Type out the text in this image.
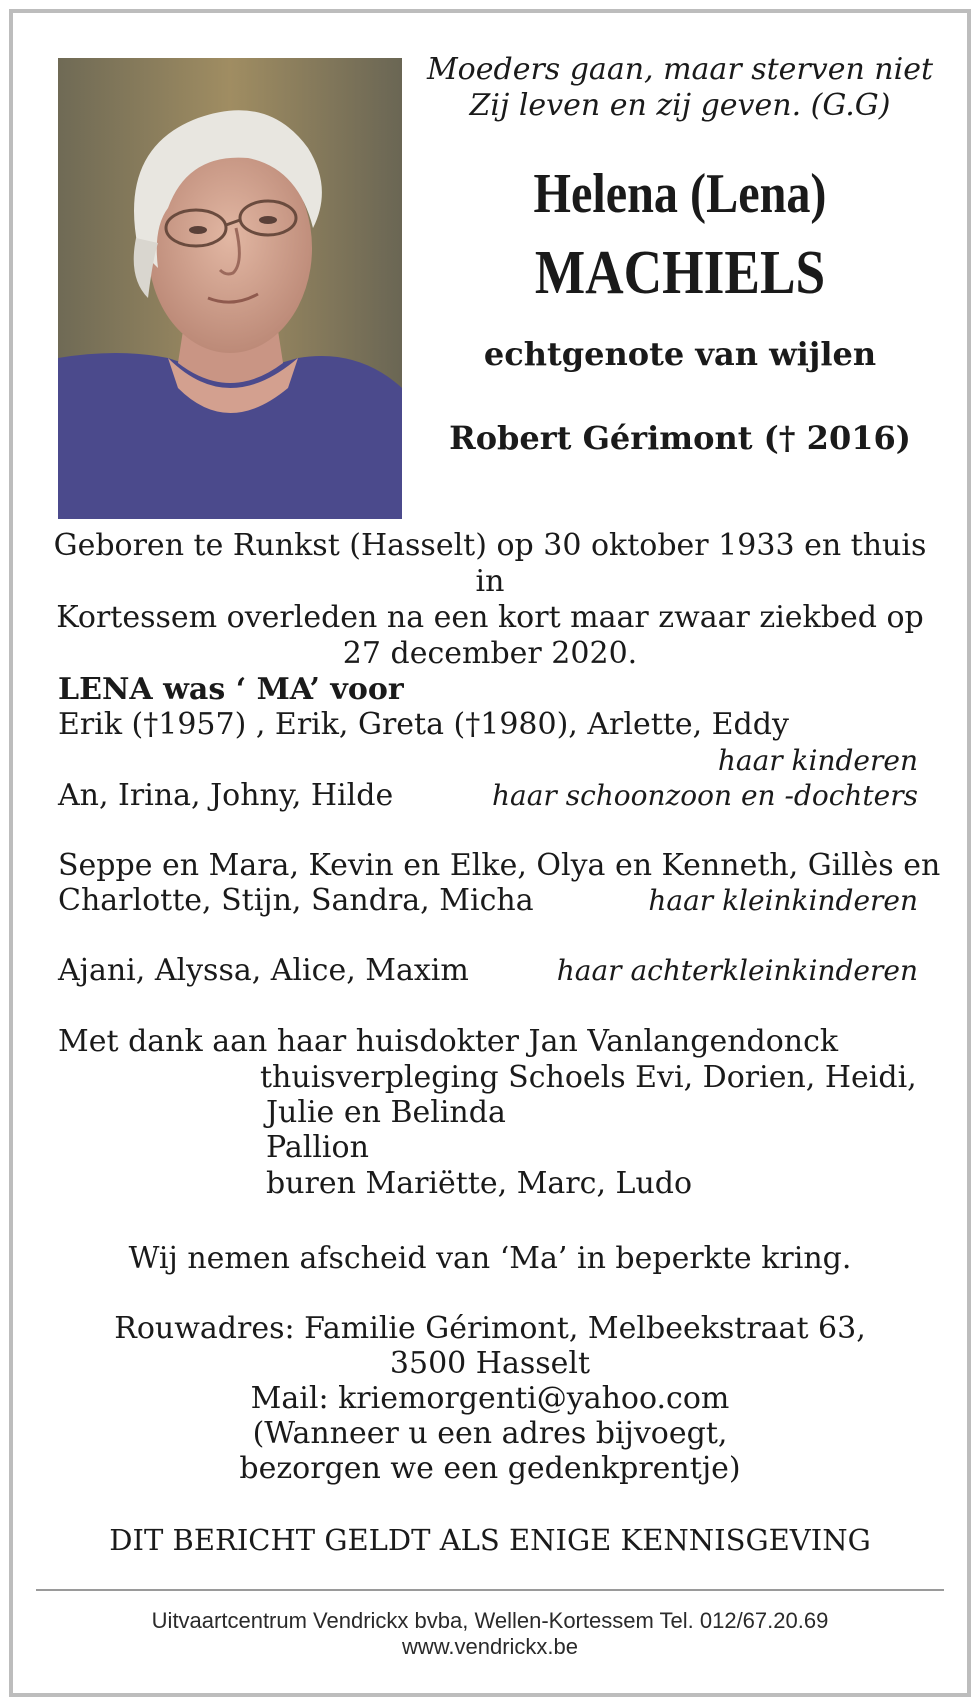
Moeders gaan, maar sterven niet
Zij leven en zij geven. (G.G)
Helena (Lena)
MACHIELS
echtgenote van wijlen
Robert Gérimont († 2016)
Geboren te Runkst (Hasselt) op 30 oktober 1933 en thuis in
Kortessem overleden na een kort maar zwaar ziekbed op
27 december 2020.
LENA was ‘ MA’ voor
Erik (†1957) , Erik, Greta (†1980), Arlette, Eddy
haar kinderen
An, Irina, Johny, Hilde	haar schoonzoon en -dochters
Seppe en Mara, Kevin en Elke, Olya en Kenneth, Gillès en
Charlotte, Stijn, Sandra, Micha	haar kleinkinderen
Ajani, Alyssa, Alice, Maxim	haar achterkleinkinderen
Met dank aan haar huisdokter Jan Vanlangendonck
thuisverpleging Schoels Evi, Dorien, Heidi,
Julie en Belinda
Pallion
buren Mariëtte, Marc, Ludo
Wij nemen afscheid van ‘Ma’ in beperkte kring.
Rouwadres: Familie Gérimont, Melbeekstraat 63,
3500 Hasselt
Mail: kriemorgenti@yahoo.com
(Wanneer u een adres bijvoegt,
bezorgen we een gedenkprentje)
DIT BERICHT GELDT ALS ENIGE KENNISGEVING
Uitvaartcentrum Vendrickx bvba, Wellen-Kortessem Tel. 012/67.20.69
www.vendrickx.be
